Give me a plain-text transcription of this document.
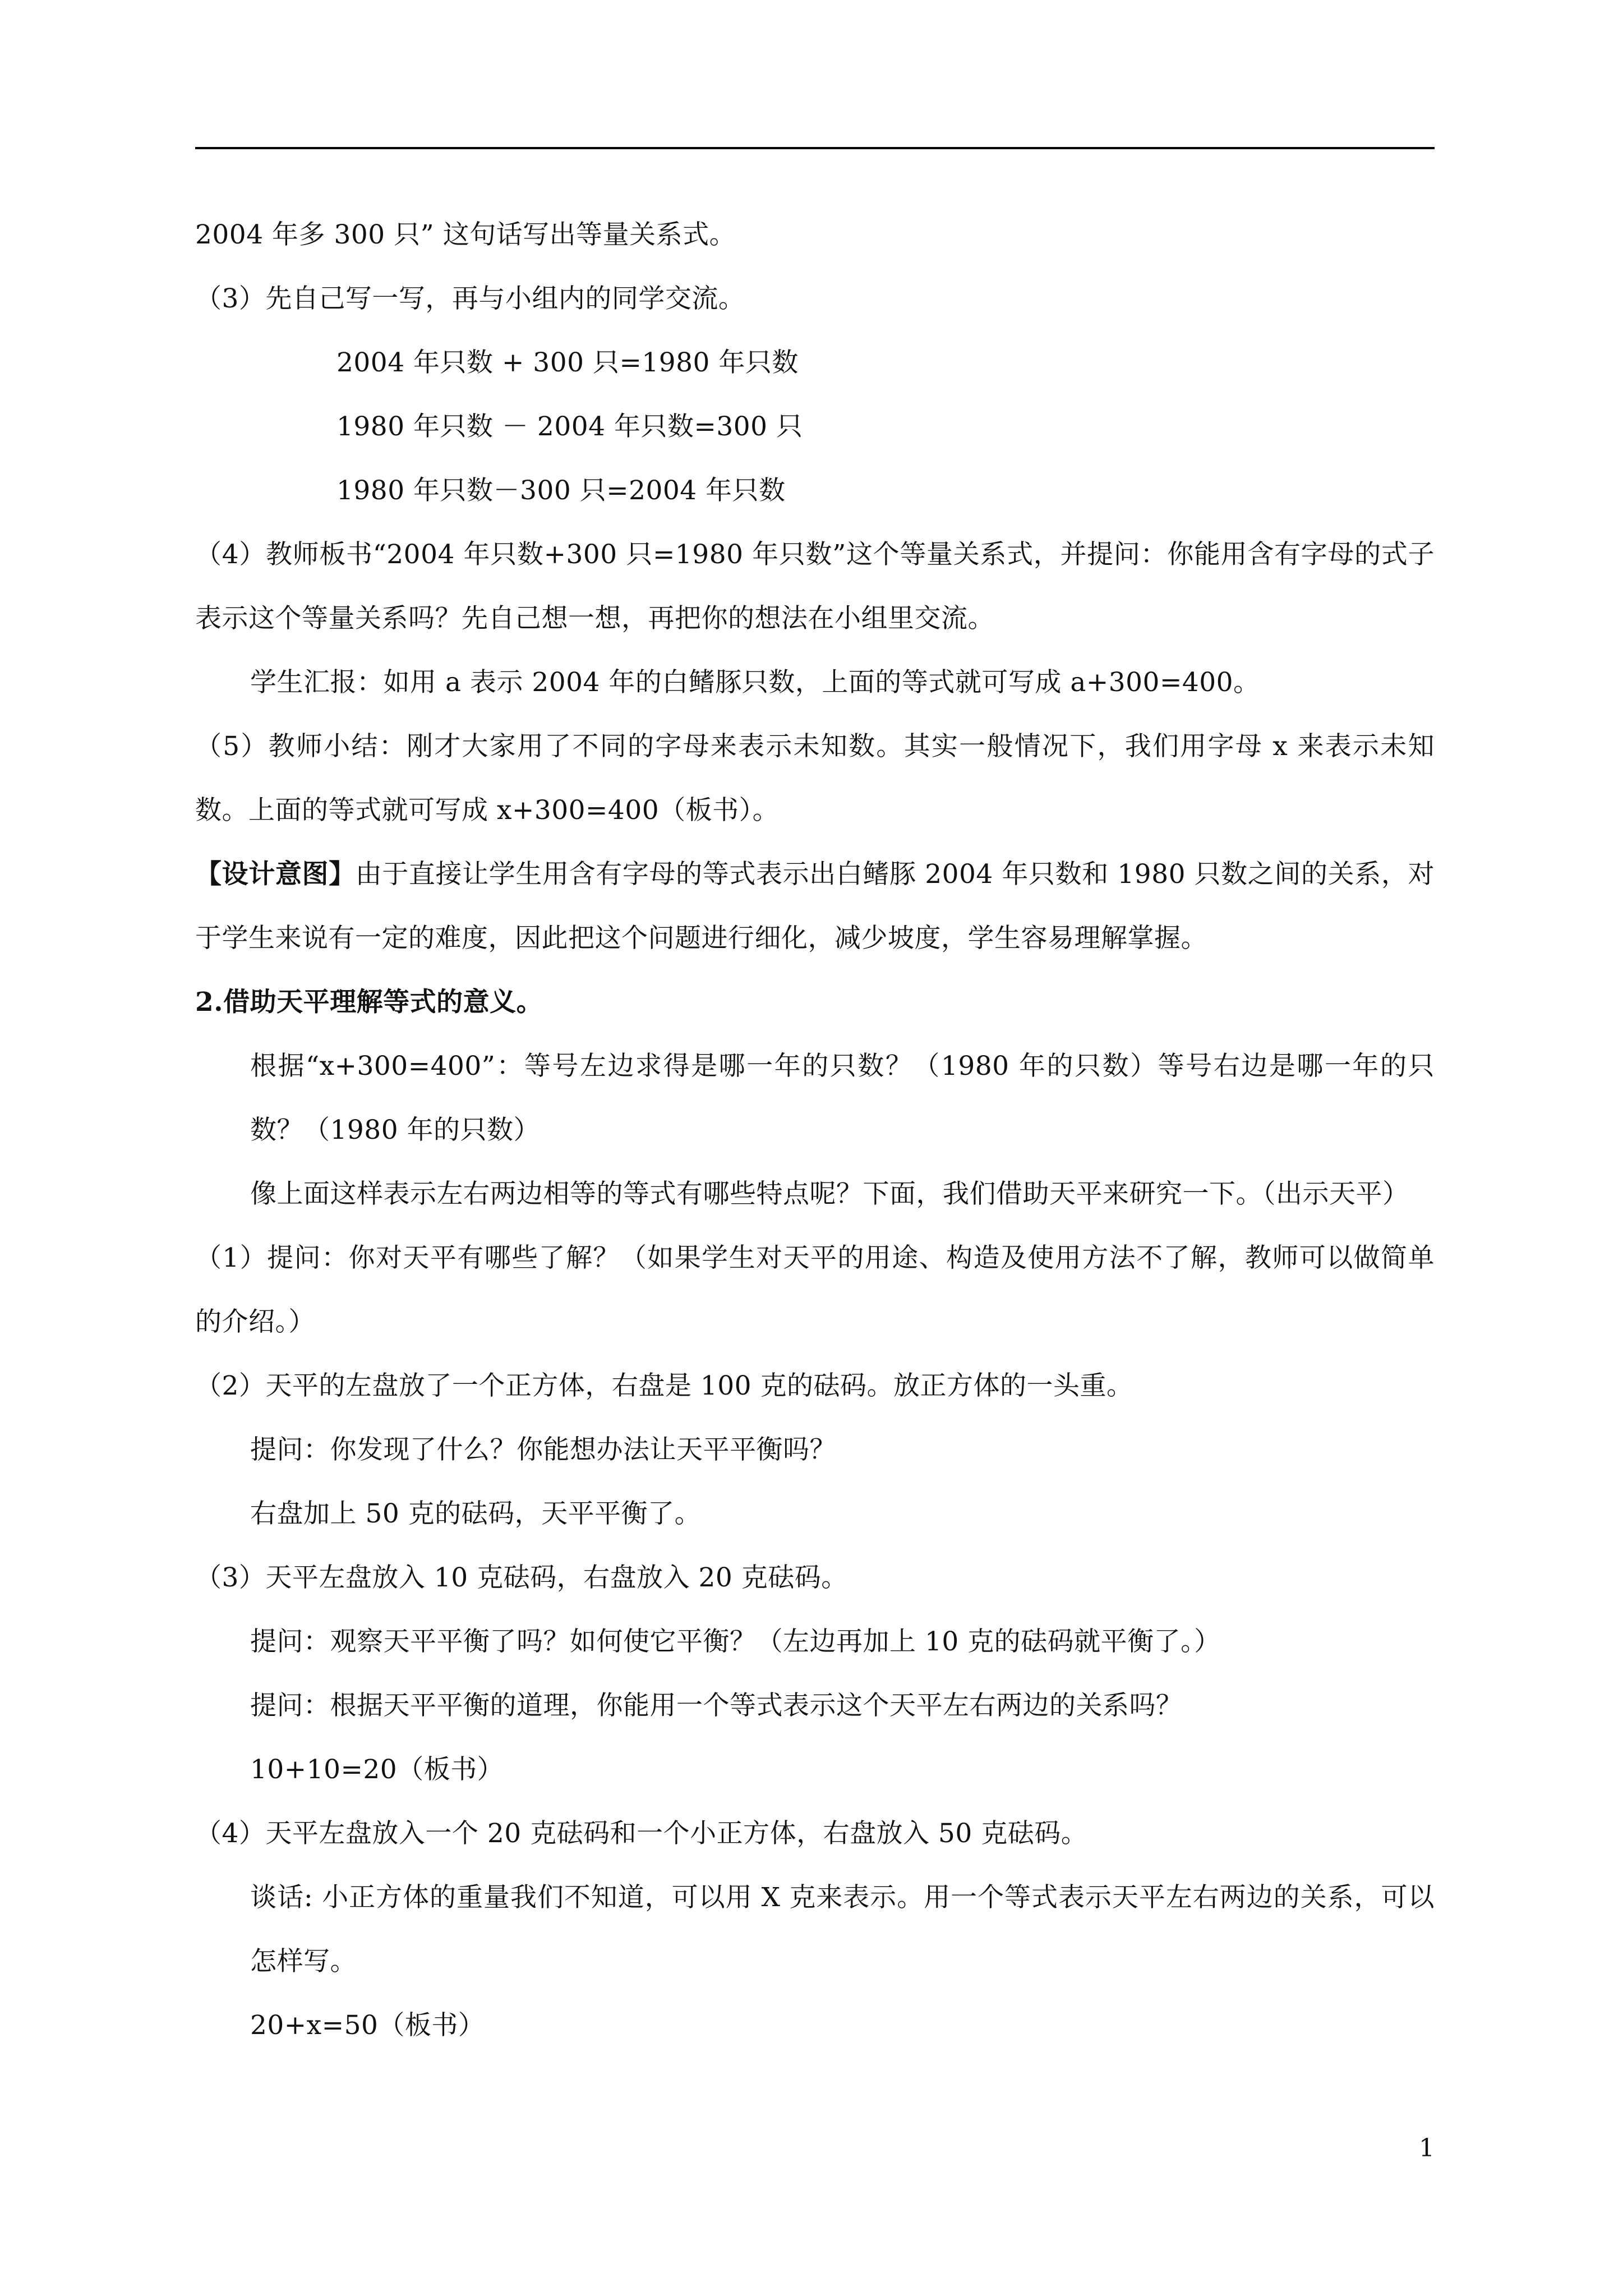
2004 年多 300 只” 这句话写出等量关系式。
（3）先自己写一写，再与小组内的同学交流。
2004 年只数 + 300 只=1980 年只数
1980 年只数 － 2004 年只数=300 只
1980 年只数－300 只=2004 年只数
（4）教师板书“2004 年只数+300 只=1980 年只数”这个等量关系式，并提问：你能用含有字母的式子表示这个等量关系吗？先自己想一想，再把你的想法在小组里交流。
学生汇报：如用 a 表示 2004 年的白鳍豚只数，上面的等式就可写成 a+300=400。
（5）教师小结：刚才大家用了不同的字母来表示未知数。其实一般情况下，我们用字母 x 来表示未知数。上面的等式就可写成 x+300=400（板书）。
【设计意图】由于直接让学生用含有字母的等式表示出白鳍豚 2004 年只数和 1980 只数之间的关系，对于学生来说有一定的难度，因此把这个问题进行细化，减少坡度，学生容易理解掌握。
2.借助天平理解等式的意义。
根据“x+300=400”：等号左边求得是哪一年的只数？（1980 年的只数）等号右边是哪一年的只数？（1980 年的只数）
像上面这样表示左右两边相等的等式有哪些特点呢？下面，我们借助天平来研究一下。（出示天平）
（1）提问：你对天平有哪些了解？（如果学生对天平的用途、构造及使用方法不了解，教师可以做简单的介绍。）
（2）天平的左盘放了一个正方体，右盘是 100 克的砝码。放正方体的一头重。
提问：你发现了什么？你能想办法让天平平衡吗？
右盘加上 50 克的砝码，天平平衡了。
（3）天平左盘放入 10 克砝码，右盘放入 20 克砝码。
提问：观察天平平衡了吗？如何使它平衡？（左边再加上 10 克的砝码就平衡了。）
提问：根据天平平衡的道理，你能用一个等式表示这个天平左右两边的关系吗？
10+10=20（板书）
（4）天平左盘放入一个 20 克砝码和一个小正方体，右盘放入 50 克砝码。
谈话: 小正方体的重量我们不知道，可以用 X 克来表示。用一个等式表示天平左右两边的关系，可以怎样写。
20+x=50（板书）
1
